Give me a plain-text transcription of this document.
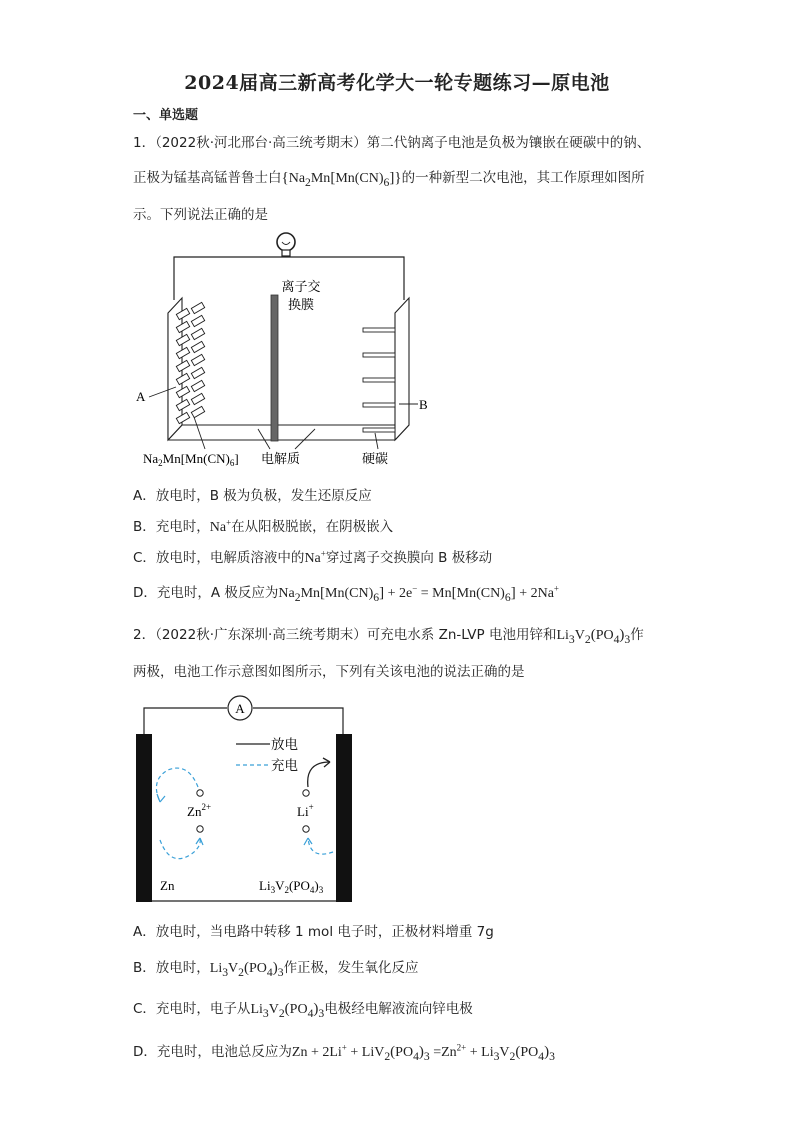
2024届高三新高考化学大一轮专题练习—原电池
一、单选题
1．（2022秋·河北邢台·高三统考期末）第二代钠离子电池是负极为镶嵌在硬碳中的钠、
正极为锰基高锰普鲁士白$\{Na_2Mn[Mn(CN)_6]\}$的一种新型二次电池，其工作原理如图所
示。下列说法正确的是
离子交
换膜
A
B
$Na_2Mn[Mn(CN)_6]$ 电解质	硬碳
A．放电时，B 极为负极，发生还原反应
B．充电时，Na+在从阳极脱嵌，在阴极嵌入
C．放电时，电解质溶液中的Na+穿过离子交换膜向 B 极移动
D．充电时，A 极反应为$Na_2Mn[Mn(CN)_6] + 2e^- = Mn[Mn(CN)_6] + 2Na^+$
2．（2022秋·广东深圳·高三统考期末）可充电水系 Zn-LVP 电池用锌和$Li_3V_2(PO_4)_3$作
两极，电池工作示意图如图所示，下列有关该电池的说法正确的是
A
放电
充电
$Zn^{2+}$	Li+
Zn	$Li_3V_2(PO_4)_3$
A．放电时，当电路中转移 1 mol 电子时，正极材料增重 7g
B．放电时，$Li_3V_2(PO_4)_3$作正极，发生氧化反应
C．充电时，电子从$Li_3V_2(PO_4)_3$电极经电解液流向锌电极
D．充电时，电池总反应为$Zn + 2Li^+ + LiV_2(PO_4)_3 =Zn^{2+} + Li_3V_2(PO_4)_3$
